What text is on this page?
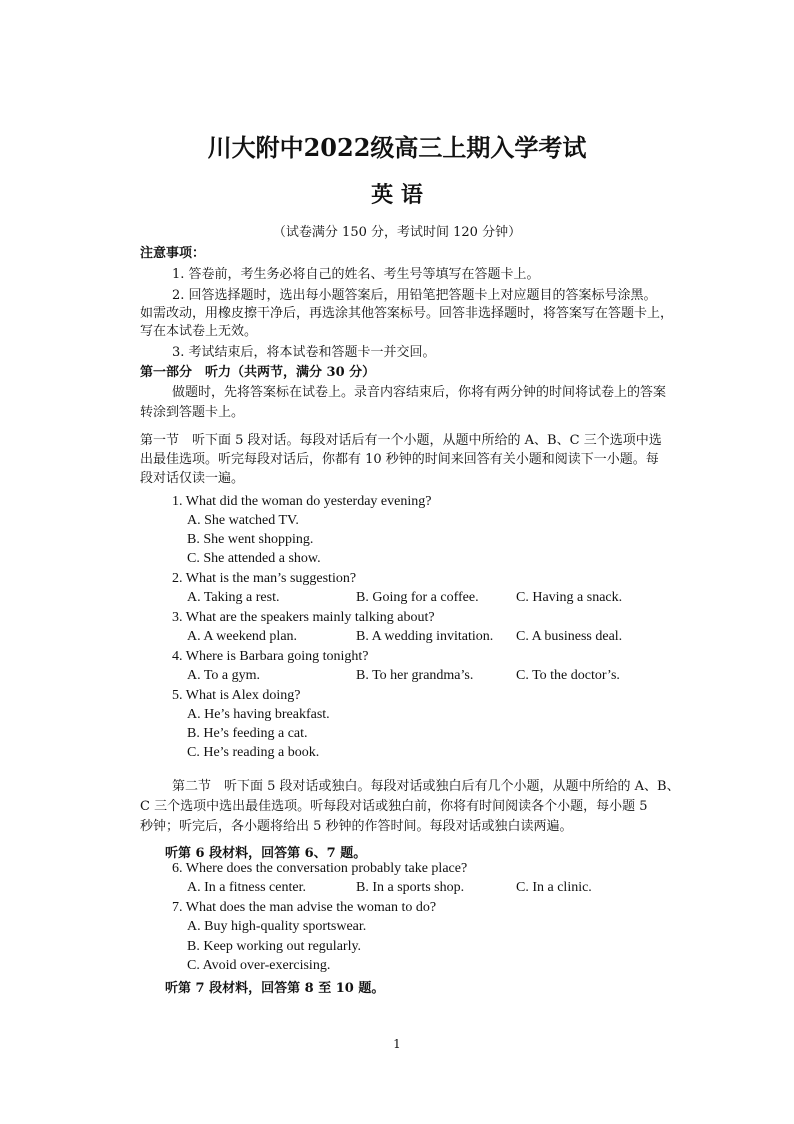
川大附中2022级高三上期入学考试
英 语
（试卷满分 150 分，考试时间 120 分钟）
注意事项：
1. 答卷前，考生务必将自己的姓名、考生号等填写在答题卡上。
2. 回答选择题时，选出每小题答案后，用铅笔把答题卡上对应题目的答案标号涂黑。
如需改动，用橡皮擦干净后，再选涂其他答案标号。回答非选择题时，将答案写在答题卡上，
写在本试卷上无效。
3. 考试结束后，将本试卷和答题卡一并交回。
第一部分　听力（共两节，满分 30 分）
做题时，先将答案标在试卷上。录音内容结束后，你将有两分钟的时间将试卷上的答案
转涂到答题卡上。
第一节　听下面 5 段对话。每段对话后有一个小题，从题中所给的 A、B、C 三个选项中选
出最佳选项。听完每段对话后，你都有 10 秒钟的时间来回答有关小题和阅读下一小题。每
段对话仅读一遍。
1. What did the woman do yesterday evening?
A. She watched TV.
B. She went shopping.
C. She attended a show.
2. What is the man’s suggestion?
A. Taking a rest.	B. Going for a coffee.	C. Having a snack.
3. What are the speakers mainly talking about?
A. A weekend plan.	B. A wedding invitation. C. A business deal.
4. Where is Barbara going tonight?
A. To a gym.	B. To her grandma’s.	C. To the doctor’s.
5. What is Alex doing?
A. He’s having breakfast.
B. He’s feeding a cat.
C. He’s reading a book.
第二节　听下面 5 段对话或独白。每段对话或独白后有几个小题，从题中所给的 A、B、
C 三个选项中选出最佳选项。听每段对话或独白前，你将有时间阅读各个小题，每小题 5
秒钟；听完后，各小题将给出 5 秒钟的作答时间。每段对话或独白读两遍。
听第 6 段材料，回答第 6、7 题。
6. Where does the conversation probably take place?
A. In a fitness center.	B. In a sports shop.	C. In a clinic.
7. What does the man advise the woman to do?
A. Buy high-quality sportswear.
B. Keep working out regularly.
C. Avoid over-exercising.
听第 7 段材料，回答第 8 至 10 题。
1
